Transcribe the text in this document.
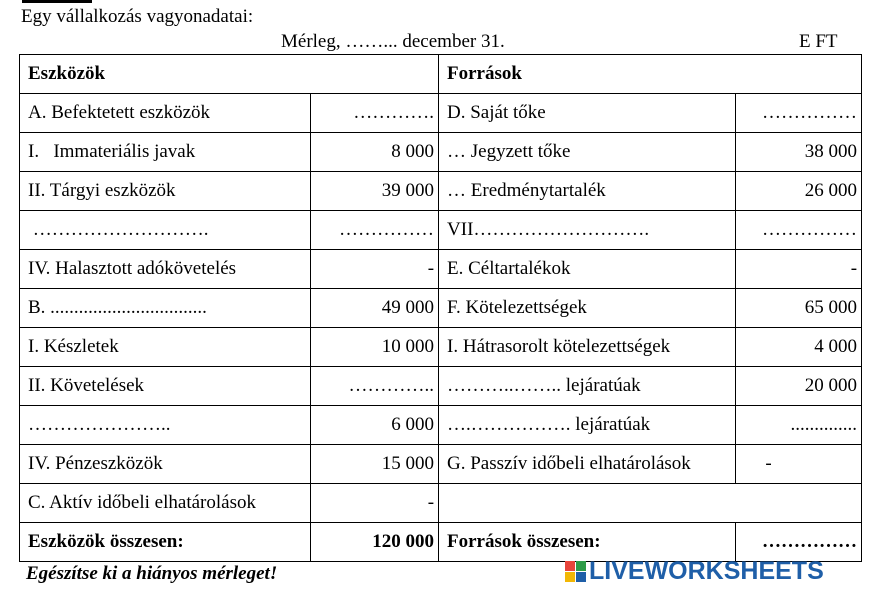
Egy vállalkozás vagyonadatai:
Mérleg, ……... december 31.	E FT
Eszközök		Források	
A. Befektetett eszközök	………….	D. Saját tőke	……………
I.   Immateriális javak	8 000	… Jegyzett tőke	38 000
II. Tárgyi eszközök	39 000	… Eredménytartalék	26 000
……………………….	……………	VII……………………….	……………
IV. Halasztott adókövetelés	-	E. Céltartalékok	-
B. .................................	49 000	F. Kötelezettségek	65 000
I. Készletek	10 000	I. Hátrasorolt kötelezettségek	4 000
II. Követelések	…………..	………..…….. lejáratúak	20 000
…………………..	6 000	….……………. lejáratúak	..............
IV. Pénzeszközök	15 000	G. Passzív időbeli elhatárolások	-
C. Aktív időbeli elhatárolások	-		
Eszközök összesen:	120 000	Források összesen:	……………
Egészítse ki a hiányos mérleget!	LIVEWORKSHEETS
